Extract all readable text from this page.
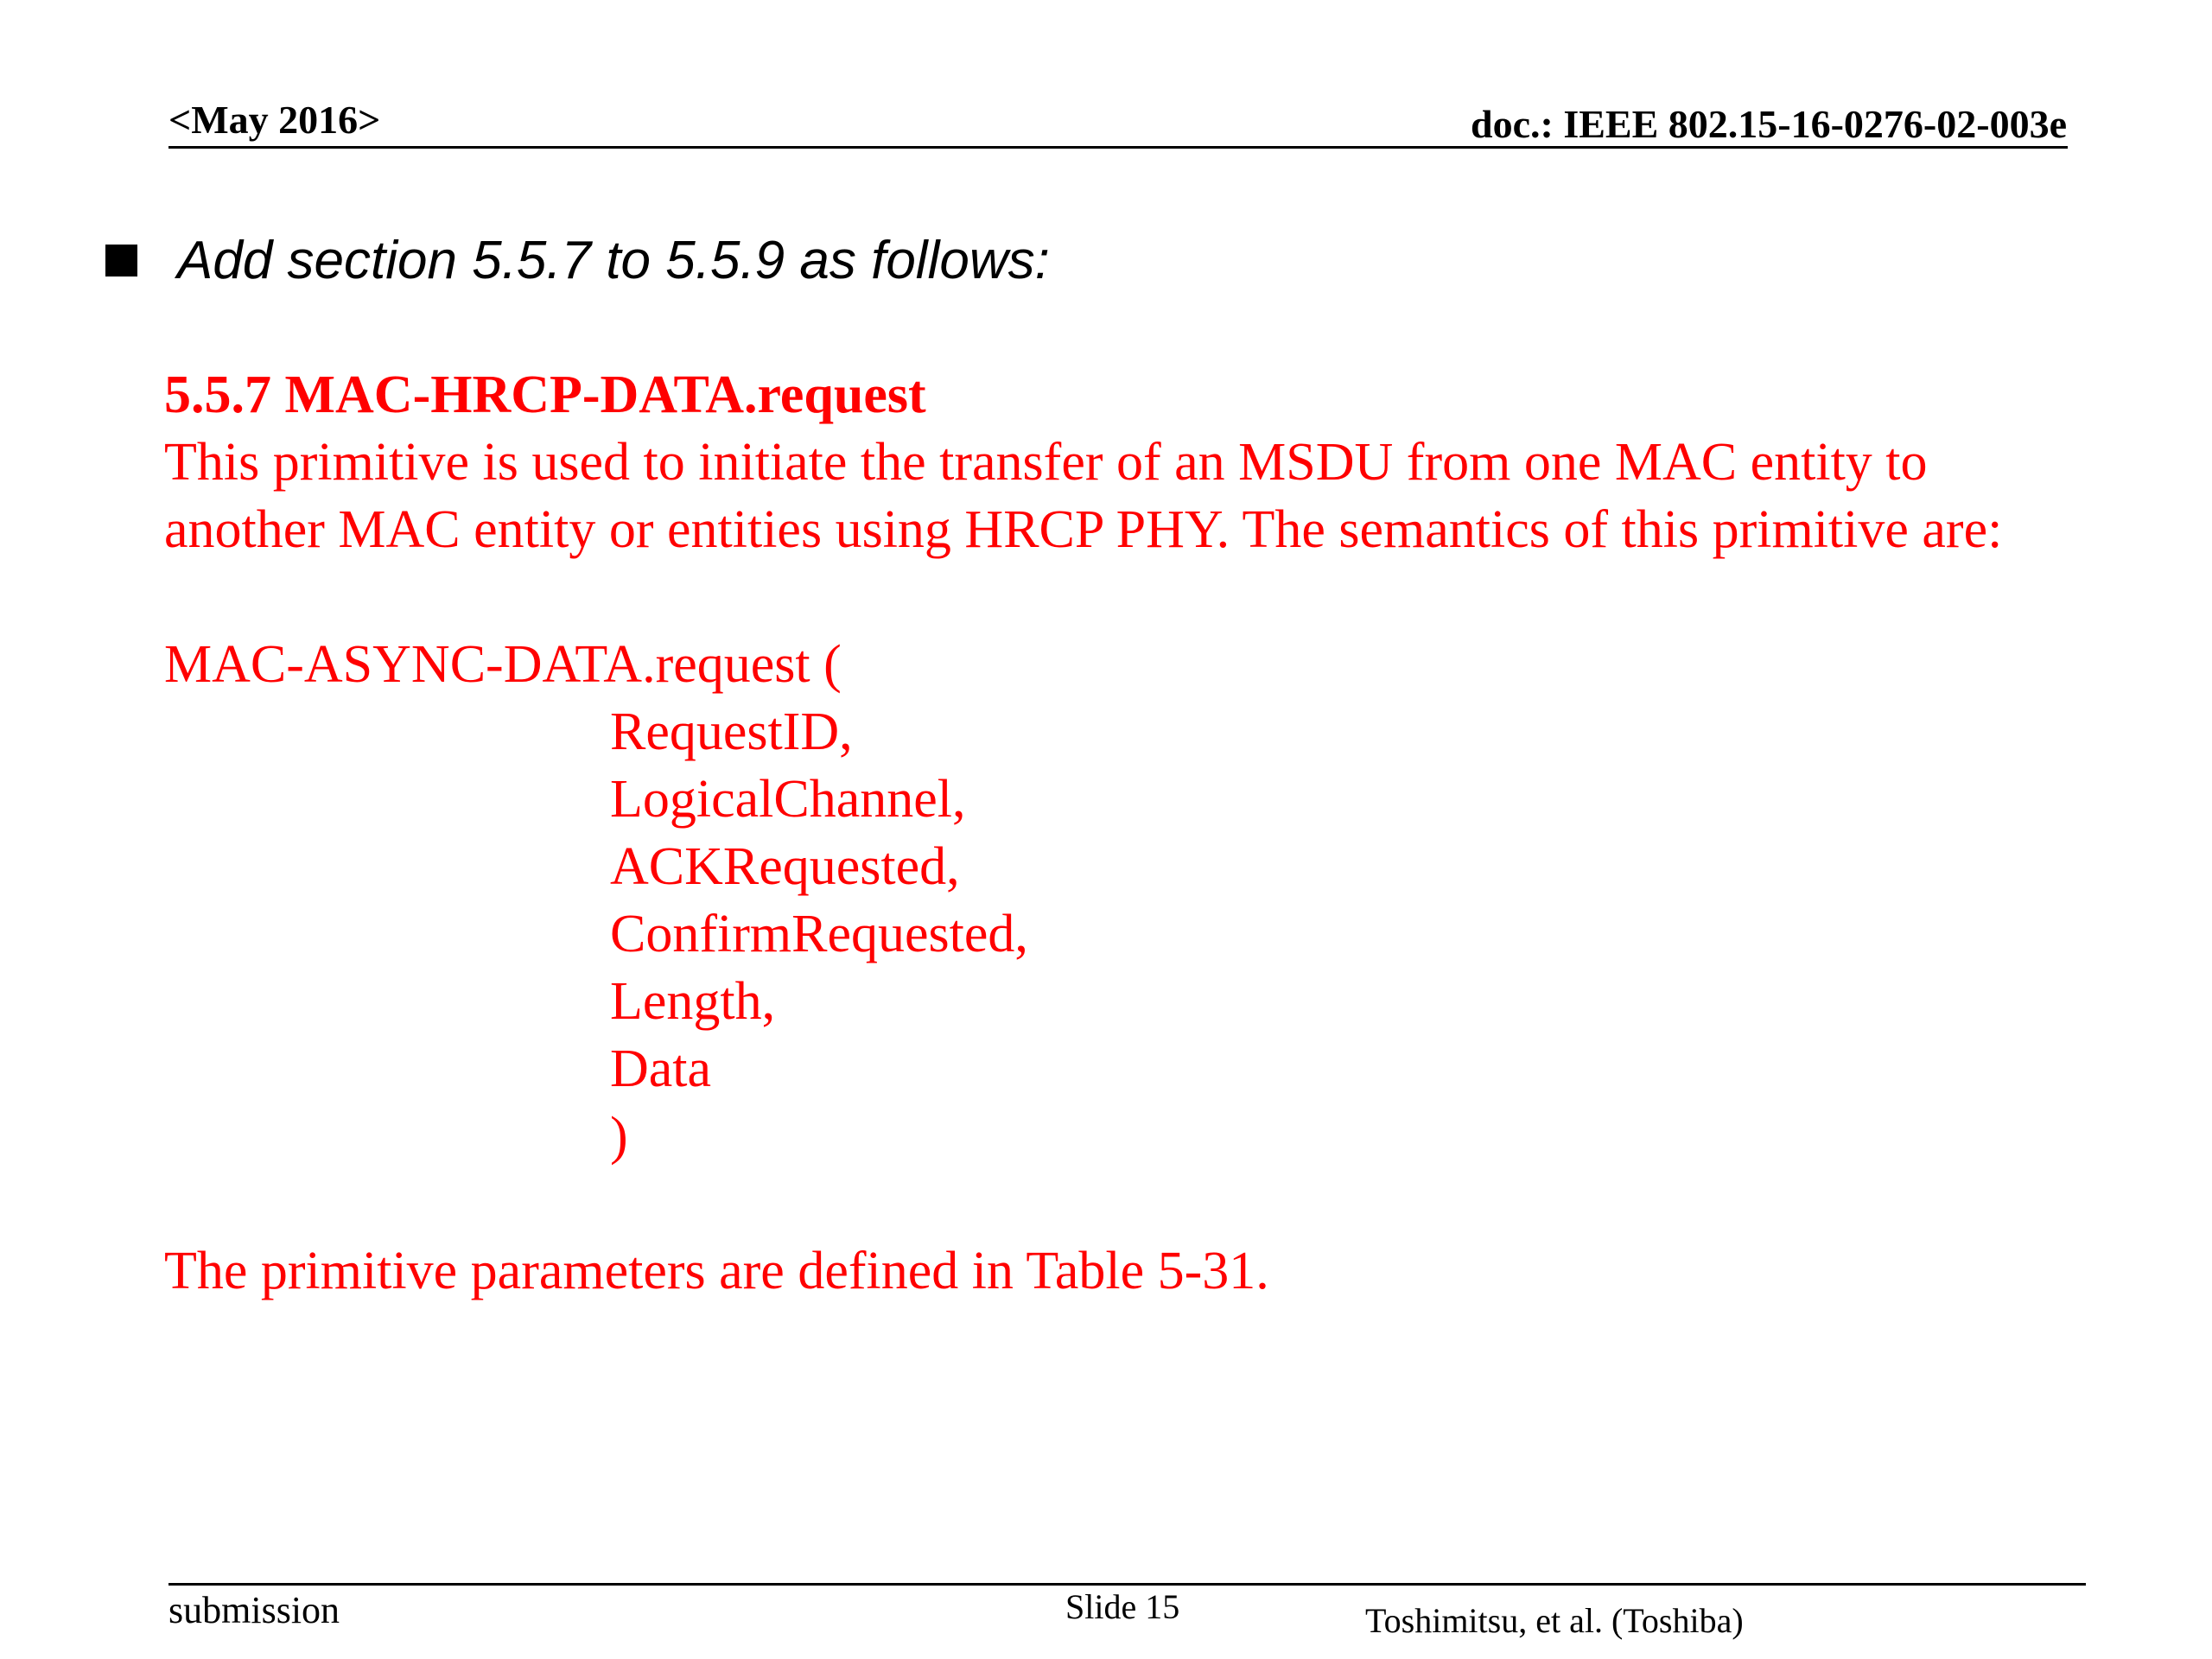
<May 2016>	doc.: IEEE 802.15-16-0276-02-003e
Add section 5.5.7 to 5.5.9 as follows:
5.5.7 MAC-HRCP-DATA.request
This primitive is used to initiate the transfer of an MSDU from one MAC entity to
another MAC entity or entities using HRCP PHY. The semantics of this primitive are:
MAC-ASYNC-DATA.request (
RequestID,
LogicalChannel,
ACKRequested,
ConfirmRequested,
Length,
Data
)
The primitive parameters are defined in Table 5-31.
submission	Slide 15	Toshimitsu, et al. (Toshiba)
